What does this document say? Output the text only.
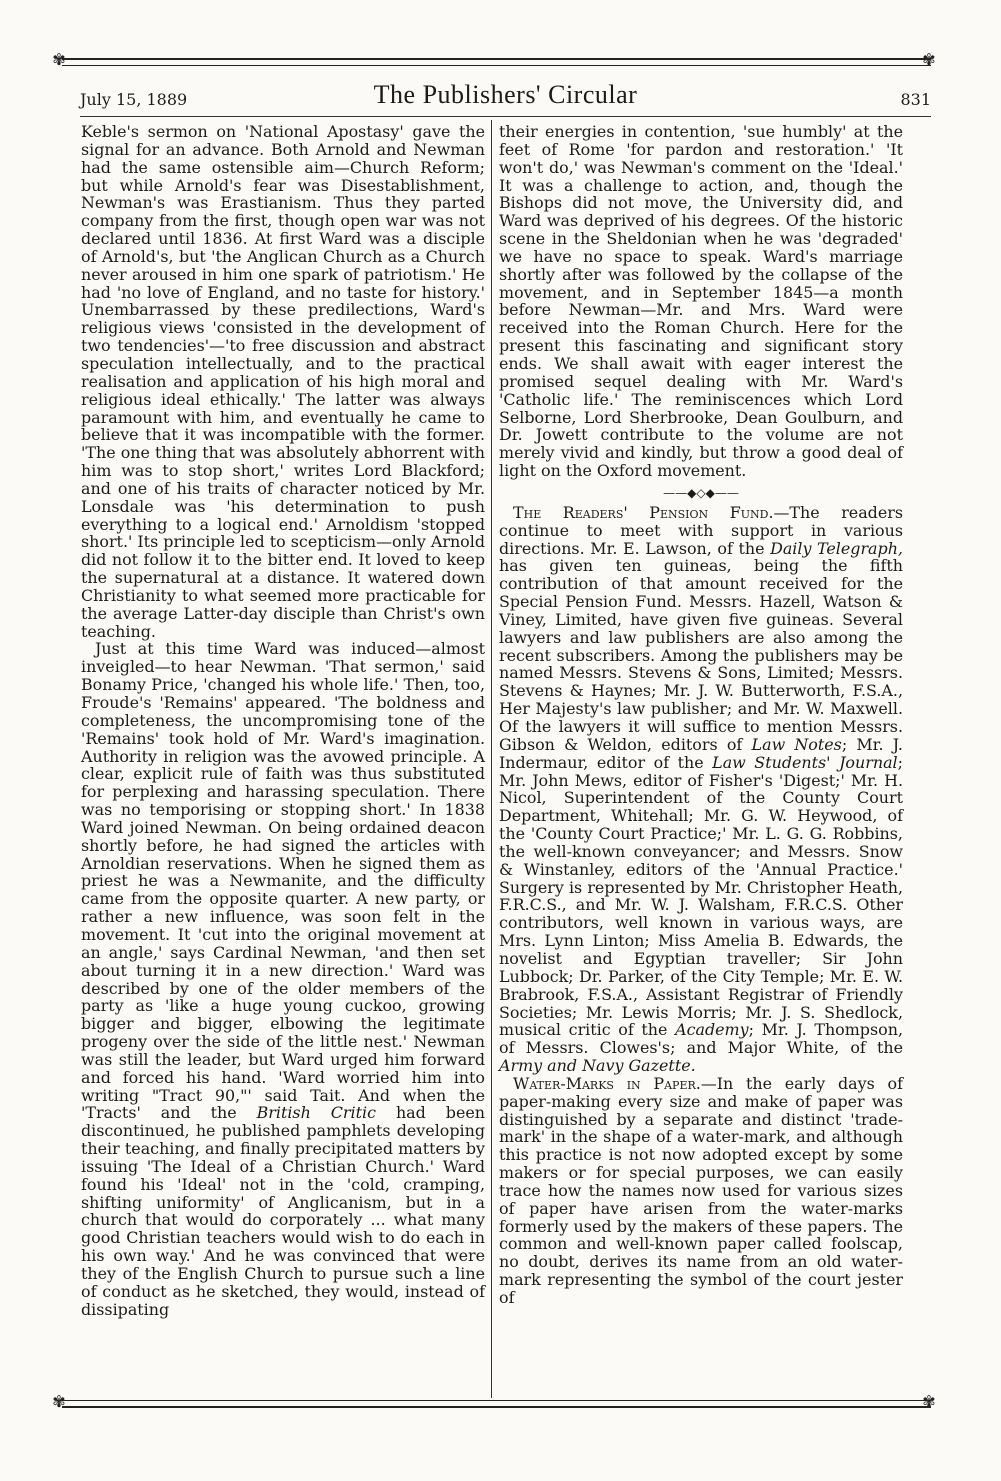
✾	✾
July 15, 1889	The Publishers' Circular	831

Keble's sermon on 'National Apostasy' gave the signal for an advance. Both Arnold and Newman had the same ostensible aim—Church Reform; but while Arnold's fear was Disestablishment, Newman's was Erastianism. Thus they parted company from the first, though open war was not declared until 1836. At first Ward was a disciple of Arnold's, but 'the Anglican Church as a Church never aroused in him one spark of patriotism.' He had 'no love of England, and no taste for history.' Unembarrassed by these predilections, Ward's religious views 'consisted in the development of two tendencies'—'to free discussion and abstract speculation intellectually, and to the practical realisation and application of his high moral and religious ideal ethically.' The latter was always paramount with him, and eventually he came to believe that it was incompatible with the former. 'The one thing that was absolutely abhorrent with him was to stop short,' writes Lord Blackford; and one of his traits of character noticed by Mr. Lonsdale was 'his determination to push everything to a logical end.' Arnoldism 'stopped short.' Its principle led to scepticism—only Arnold did not follow it to the bitter end. It loved to keep the supernatural at a distance. It watered down Christianity to what seemed more practicable for the average Latter-day disciple than Christ's own teaching.

Just at this time Ward was induced—almost inveigled—to hear Newman. 'That sermon,' said Bonamy Price, 'changed his whole life.' Then, too, Froude's 'Remains' appeared. 'The boldness and completeness, the uncompromising tone of the 'Remains' took hold of Mr. Ward's imagination. Authority in religion was the avowed principle. A clear, explicit rule of faith was thus substituted for perplexing and harassing speculation. There was no temporising or stopping short.' In 1838 Ward joined Newman. On being ordained deacon shortly before, he had signed the articles with Arnoldian reservations. When he signed them as priest he was a Newmanite, and the difficulty came from the opposite quarter. A new party, or rather a new influence, was soon felt in the movement. It 'cut into the original movement at an angle,' says Cardinal Newman, 'and then set about turning it in a new direction.' Ward was described by one of the older members of the party as 'like a huge young cuckoo, growing bigger and bigger, elbowing the legitimate progeny over the side of the little nest.' Newman was still the leader, but Ward urged him forward and forced his hand. 'Ward worried him into writing "Tract 90,"' said Tait. And when the 'Tracts' and the British Critic had been discontinued, he published pamphlets developing their teaching, and finally precipitated matters by issuing 'The Ideal of a Christian Church.' Ward found his 'Ideal' not in the 'cold, cramping, shifting uniformity' of Anglicanism, but in a church that would do corporately ... what many good Christian teachers would wish to do each in his own way.' And he was convinced that were they of the English Church to pursue such a line of conduct as he sketched, they would, instead of dissipating

their energies in contention, 'sue humbly' at the feet of Rome 'for pardon and restoration.' 'It won't do,' was Newman's comment on the 'Ideal.' It was a challenge to action, and, though the Bishops did not move, the University did, and Ward was deprived of his degrees. Of the historic scene in the Sheldonian when he was 'degraded' we have no space to speak. Ward's marriage shortly after was followed by the collapse of the movement, and in September 1845—a month before Newman—Mr. and Mrs. Ward were received into the Roman Church. Here for the present this fascinating and significant story ends. We shall await with eager interest the promised sequel dealing with Mr. Ward's 'Catholic life.' The reminiscences which Lord Selborne, Lord Sherbrooke, Dean Goulburn, and Dr. Jowett contribute to the volume are not merely vivid and kindly, but throw a good deal of light on the Oxford movement.

——◆◇◆——

The Readers' Pension Fund.—The readers continue to meet with support in various directions. Mr. E. Lawson, of the Daily Telegraph, has given ten guineas, being the fifth contribution of that amount received for the Special Pension Fund. Messrs. Hazell, Watson & Viney, Limited, have given five guineas. Several lawyers and law publishers are also among the recent subscribers. Among the publishers may be named Messrs. Stevens & Sons, Limited; Messrs. Stevens & Haynes; Mr. J. W. Butterworth, F.S.A., Her Majesty's law publisher; and Mr. W. Maxwell. Of the lawyers it will suffice to mention Messrs. Gibson & Weldon, editors of Law Notes; Mr. J. Indermaur, editor of the Law Students' Journal; Mr. John Mews, editor of Fisher's 'Digest;' Mr. H. Nicol, Superintendent of the County Court Department, Whitehall; Mr. G. W. Heywood, of the 'County Court Practice;' Mr. L. G. G. Robbins, the well-known conveyancer; and Messrs. Snow & Winstanley, editors of the 'Annual Practice.' Surgery is represented by Mr. Christopher Heath, F.R.C.S., and Mr. W. J. Walsham, F.R.C.S. Other contributors, well known in various ways, are Mrs. Lynn Linton; Miss Amelia B. Edwards, the novelist and Egyptian traveller; Sir John Lubbock; Dr. Parker, of the City Temple; Mr. E. W. Brabrook, F.S.A., Assistant Registrar of Friendly Societies; Mr. Lewis Morris; Mr. J. S. Shedlock, musical critic of the Academy; Mr. J. Thompson, of Messrs. Clowes's; and Major White, of the Army and Navy Gazette.

Water-Marks in Paper.—In the early days of paper-making every size and make of paper was distinguished by a separate and distinct 'trade-mark' in the shape of a water-mark, and although this practice is not now adopted except by some makers or for special purposes, we can easily trace how the names now used for various sizes of paper have arisen from the water-marks formerly used by the makers of these papers. The common and well-known paper called foolscap, no doubt, derives its name from an old water-mark representing the symbol of the court jester of

✾	✾
